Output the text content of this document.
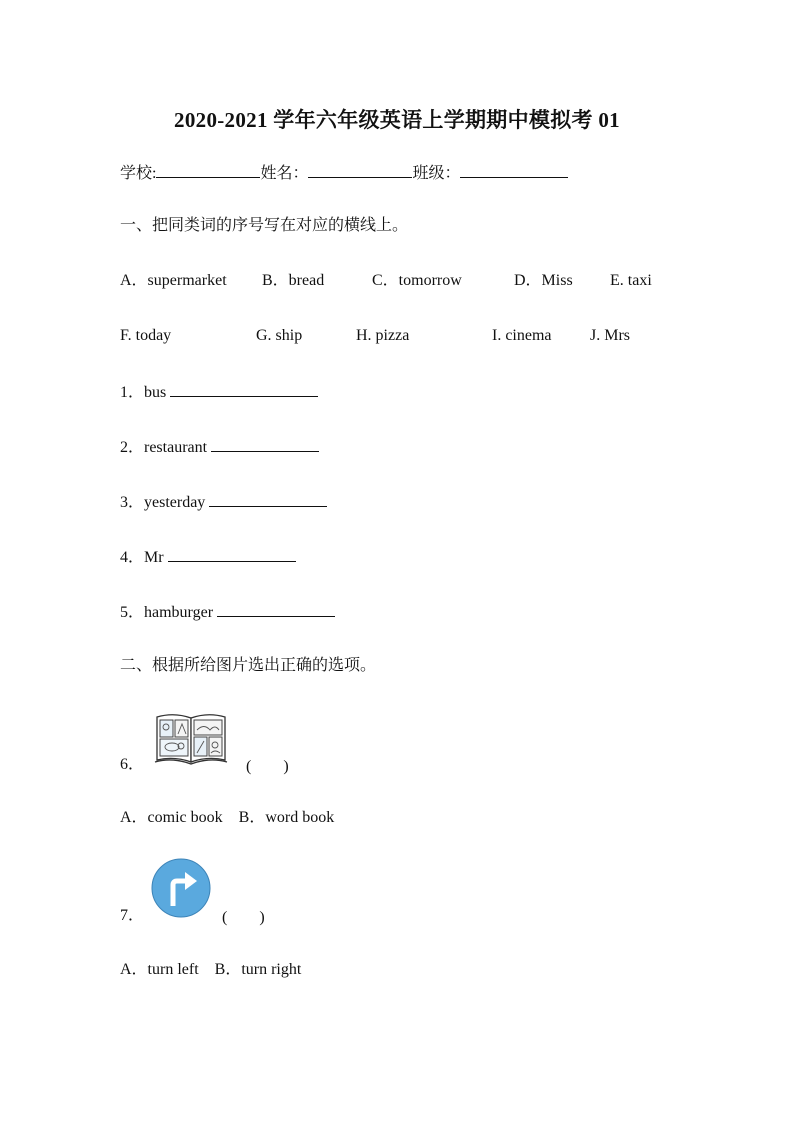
2020-2021 学年六年级英语上学期期中模拟考 01
学校:	姓名：	班级：
一、把同类词的序号写在对应的横线上。
A．supermarket B．bread	C．tomorrow	D．Miss E. taxi
F. today	G. ship	H. pizza	I. cinema J. Mrs
1．bus
2．restaurant
3．yesterday
4．Mr
5．hamburger
二、根据所给图片选出正确的选项。
6．	(　　)
A．comic book　B．word book
7．	(　　)
A．turn left　B．turn right
